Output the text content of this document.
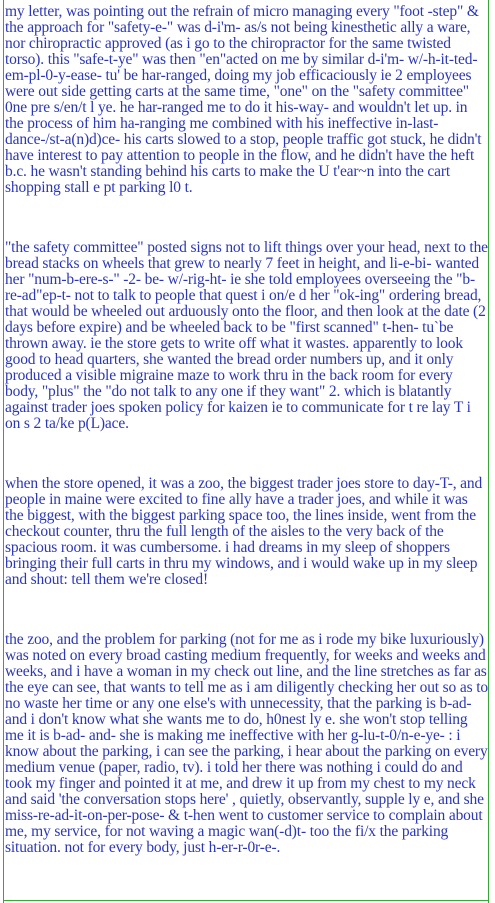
my letter, was pointing out the refrain of micro managing every "foot -step" & the approach for "safety-e-" was d-i'm- as/s not being kinesthetic ally a ware, nor chiropractic approved (as i go to the chiropractor for the same twisted torso). this "safe-t-ye" was then "en"acted on me by similar d-i'm- w/-h-it-ted- em-pl-0-y-ease- tu' be har-ranged, doing my job efficaciously ie 2 employees were out side getting carts at the same time, "one" on the "safety committee" 0ne pre s/en/t l ye. he har-ranged me to do it his-way- and wouldn't let up. in the process of him ha-ranging me combined with his ineffective in-last-dance-/st-a(n)d)ce- his carts slowed to a stop, people traffic got stuck, he didn't have interest to pay attention to people in the flow, and he didn't have the heft b.c. he wasn't standing behind his carts to make the U t'ear~n into the cart shopping stall e pt parking l0 t.

"the safety committee" posted signs not to lift things over your head, next to the bread stacks on wheels that grew to nearly 7 feet in height, and li-e-bi- wanted her "num-b-ere-s-" -2- be- w/-rig-ht- ie she told employees overseeing the "b-re-ad"ep-t- not to talk to people that quest i on/e d her "ok-ing" ordering bread, that would be wheeled out arduously onto the floor, and then look at the date (2 days before expire) and be wheeled back to be "first scanned" t-hen- tu`be thrown away. ie the store gets to write off what it wastes. apparently to look good to head quarters, she wanted the bread order numbers up, and it only produced a visible migraine maze to work thru in the back room for every body, "plus" the "do not talk to any one if they want" 2. which is blatantly against trader joes spoken policy for kaizen ie to communicate for t re lay T i on s 2 ta/ke p(L)ace.

when the store opened, it was a zoo, the biggest trader joes store to day-T-, and people in maine were excited to fine ally have a trader joes, and while it was the biggest, with the biggest parking space too, the lines inside, went from the checkout counter, thru the full length of the aisles to the very back of the spacious room. it was cumbersome. i had dreams in my sleep of shoppers bringing their full carts in thru my windows, and i would wake up in my sleep and shout: tell them we're closed!

the zoo, and the problem for parking (not for me as i rode my bike luxuriously) was noted on every broad casting medium frequently, for weeks and weeks and weeks, and i have a woman in my check out line, and the line stretches as far as the eye can see, that wants to tell me as i am diligently checking her out so as to no waste her time or any one else's with unnecessity, that the parking is b-ad- and i don't know what she wants me to do, h0nest ly e. she won't stop telling me it is b-ad- and- she is making me ineffective with her g-lu-t-0/n-e-ye- : i know about the parking, i can see the parking, i hear about the parking on every medium venue (paper, radio, tv). i told her there was nothing i could do and took my finger and pointed it at me, and drew it up from my chest to my neck and said 'the conversation stops here' , quietly, observantly, supple ly e, and she miss-re-ad-it-on-per-pose- & t-hen went to customer service to complain about me, my service, for not waving a magic wan(-d)t- too the fi/x the parking situation. not for every body, just h-er-r-0r-e-.
